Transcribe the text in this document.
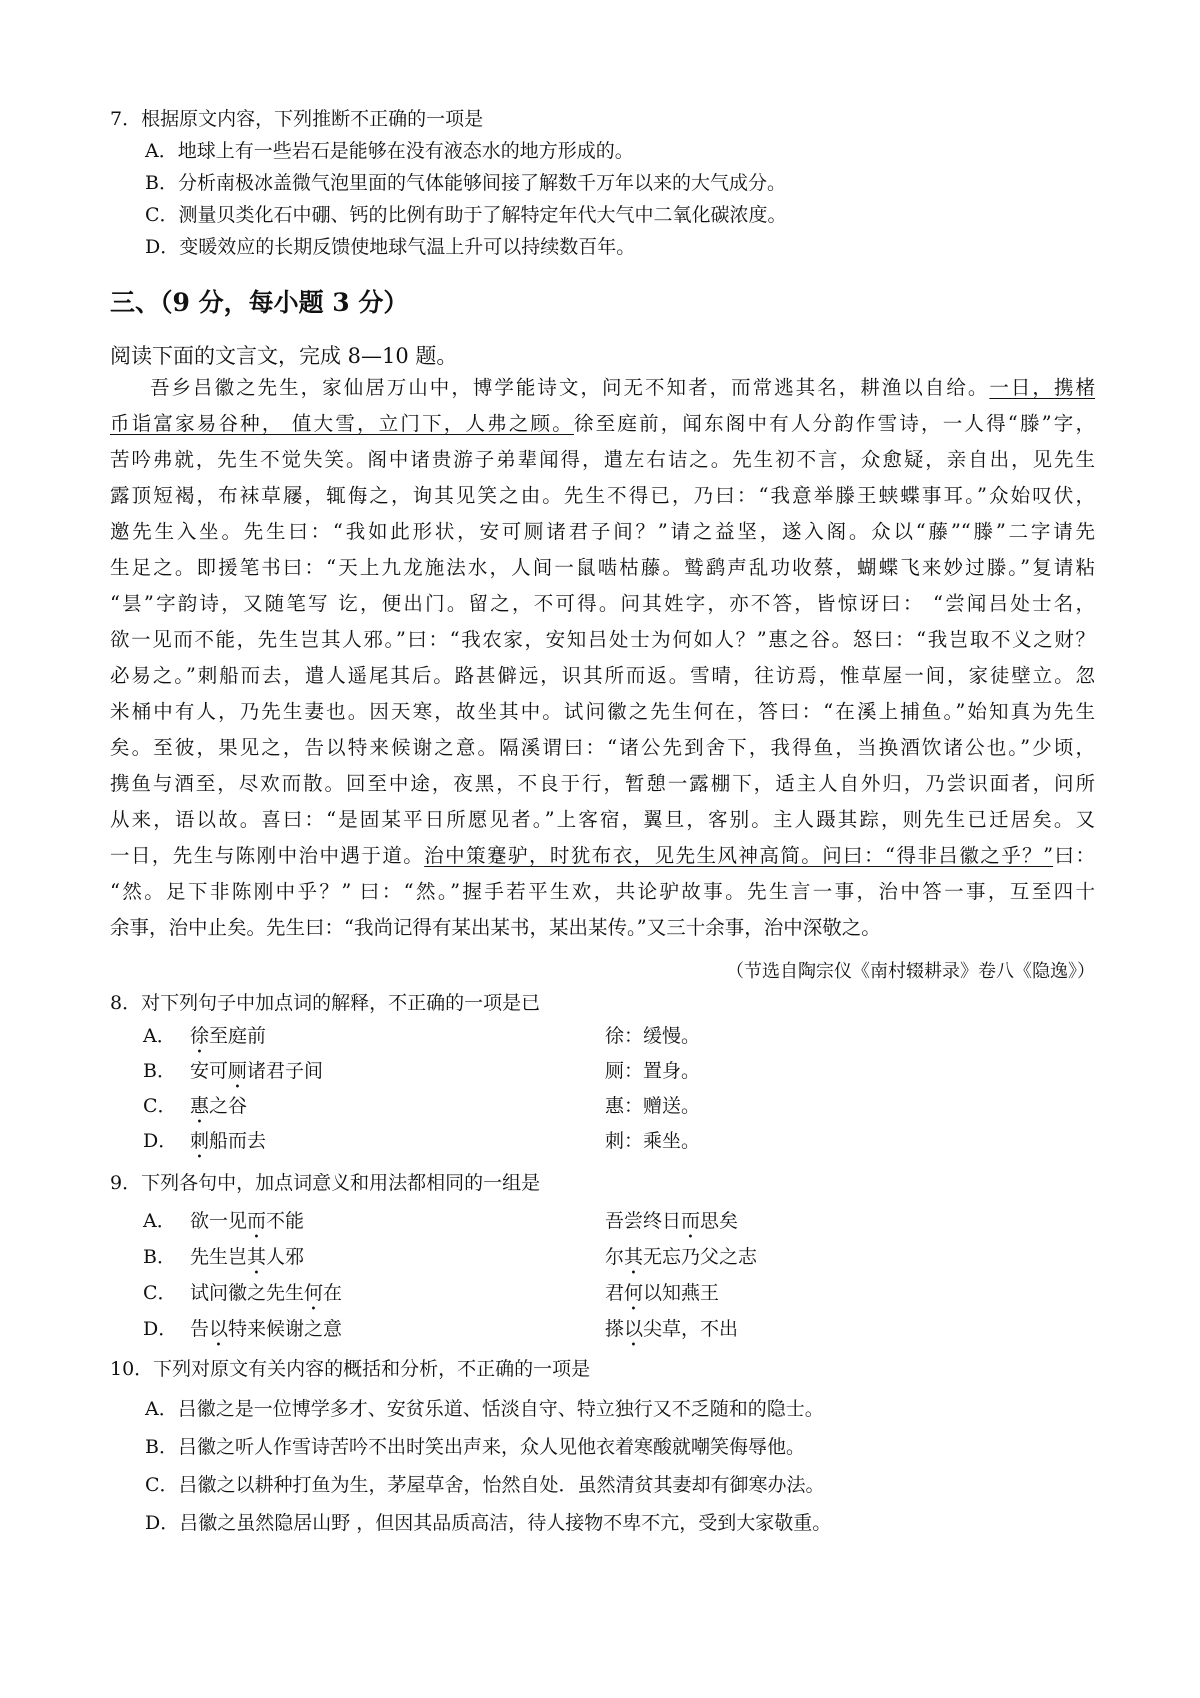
7．根据原文内容，下列推断不正确的一项是
A．地球上有一些岩石是能够在没有液态水的地方形成的。
B．分析南极冰盖微气泡里面的气体能够间接了解数千万年以来的大气成分。
C．测量贝类化石中硼、钙的比例有助于了解特定年代大气中二氧化碳浓度。
D．变暖效应的长期反馈使地球气温上升可以持续数百年。
三、（9 分，每小题 3 分）
阅读下面的文言文，完成 8—10 题。
吾乡吕徽之先生，家仙居万山中，博学能诗文，问无不知者，而常逃其名，耕渔以自给。一日，携楮
币诣富家易谷种， 值大雪，立门下，人弗之顾。徐至庭前，闻东阁中有人分韵作雪诗，一人得“滕”字，
苦吟弗就，先生不觉失笑。阁中诸贵游子弟辈闻得，遣左右诘之。先生初不言，众愈疑，亲自出，见先生
露顶短褐，布袜草屦，辄侮之，询其见笑之由。先生不得已，乃曰：“我意举滕王蛱蝶事耳。”众始叹伏，
邀先生入坐。先生曰：“我如此形状，安可厕诸君子间？”请之益坚，遂入阁。众以“藤”“滕”二字请先
生足之。即援笔书曰：“天上九龙施法水，人间一鼠啮枯藤。鹫鹞声乱功收蔡，蝴蝶飞来妙过滕。”复请粘
“昙”字韵诗，又随笔写 讫，便出门。留之，不可得。问其姓字，亦不答，皆惊讶曰： “尝闻吕处士名，
欲一见而不能，先生岂其人邪。”曰：“我农家，安知吕处士为何如人？”惠之谷。怒曰：“我岂取不义之财？
必易之。”刺船而去，遣人遥尾其后。路甚僻远，识其所而返。雪晴，往访焉，惟草屋一间，家徒壁立。忽
米桶中有人，乃先生妻也。因天寒，故坐其中。试问徽之先生何在，答曰：“在溪上捕鱼。”始知真为先生
矣。至彼，果见之，告以特来候谢之意。隔溪谓曰：“诸公先到舍下，我得鱼，当换酒饮诸公也。”少顷，
携鱼与酒至，尽欢而散。回至中途，夜黑，不良于行，暂憩一露棚下，适主人自外归，乃尝识面者，问所
从来，语以故。喜曰：“是固某平日所愿见者。”上客宿，翼旦，客别。主人蹑其踪，则先生已迁居矣。又
一日，先生与陈刚中治中遇于道。治中策蹇驴，时犹布衣，见先生风神高简。问曰：“得非吕徽之乎？”曰：
“然。足下非陈刚中乎？” 曰：“然。”握手若平生欢，共论驴故事。先生言一事，治中答一事，互至四十
余事，治中止矣。先生曰：“我尚记得有某出某书，某出某传。”又三十余事，治中深敬之。
（节选自陶宗仪《南村辍耕录》卷八《隐逸》）
8．对下列句子中加点词的解释，不正确的一项是已
A． 徐至庭前	徐：缓慢。
B． 安可厕诸君子间	厕：置身。
C． 惠之谷	惠：赠送。
D． 刺船而去	刺：乘坐。
9．下列各句中，加点词意义和用法都相同的一组是
A． 欲一见而不能	吾尝终日而思矣
B． 先生岂其人邪	尔其无忘乃父之志
C． 试问徽之先生何在	君何以知燕王
D． 告以特来候谢之意	搽以尖草，不出
10．下列对原文有关内容的概括和分析，不正确的一项是
A．吕徽之是一位博学多才、安贫乐道、恬淡自守、特立独行又不乏随和的隐士。
B．吕徽之听人作雪诗苦吟不出时笑出声来，众人见他衣着寒酸就嘲笑侮辱他。
C．吕徽之以耕种打鱼为生，茅屋草舍，怡然自处．虽然清贫其妻却有御寒办法。
D．吕徽之虽然隐居山野 ，但因其品质高洁，待人接物不卑不亢，受到大家敬重。
